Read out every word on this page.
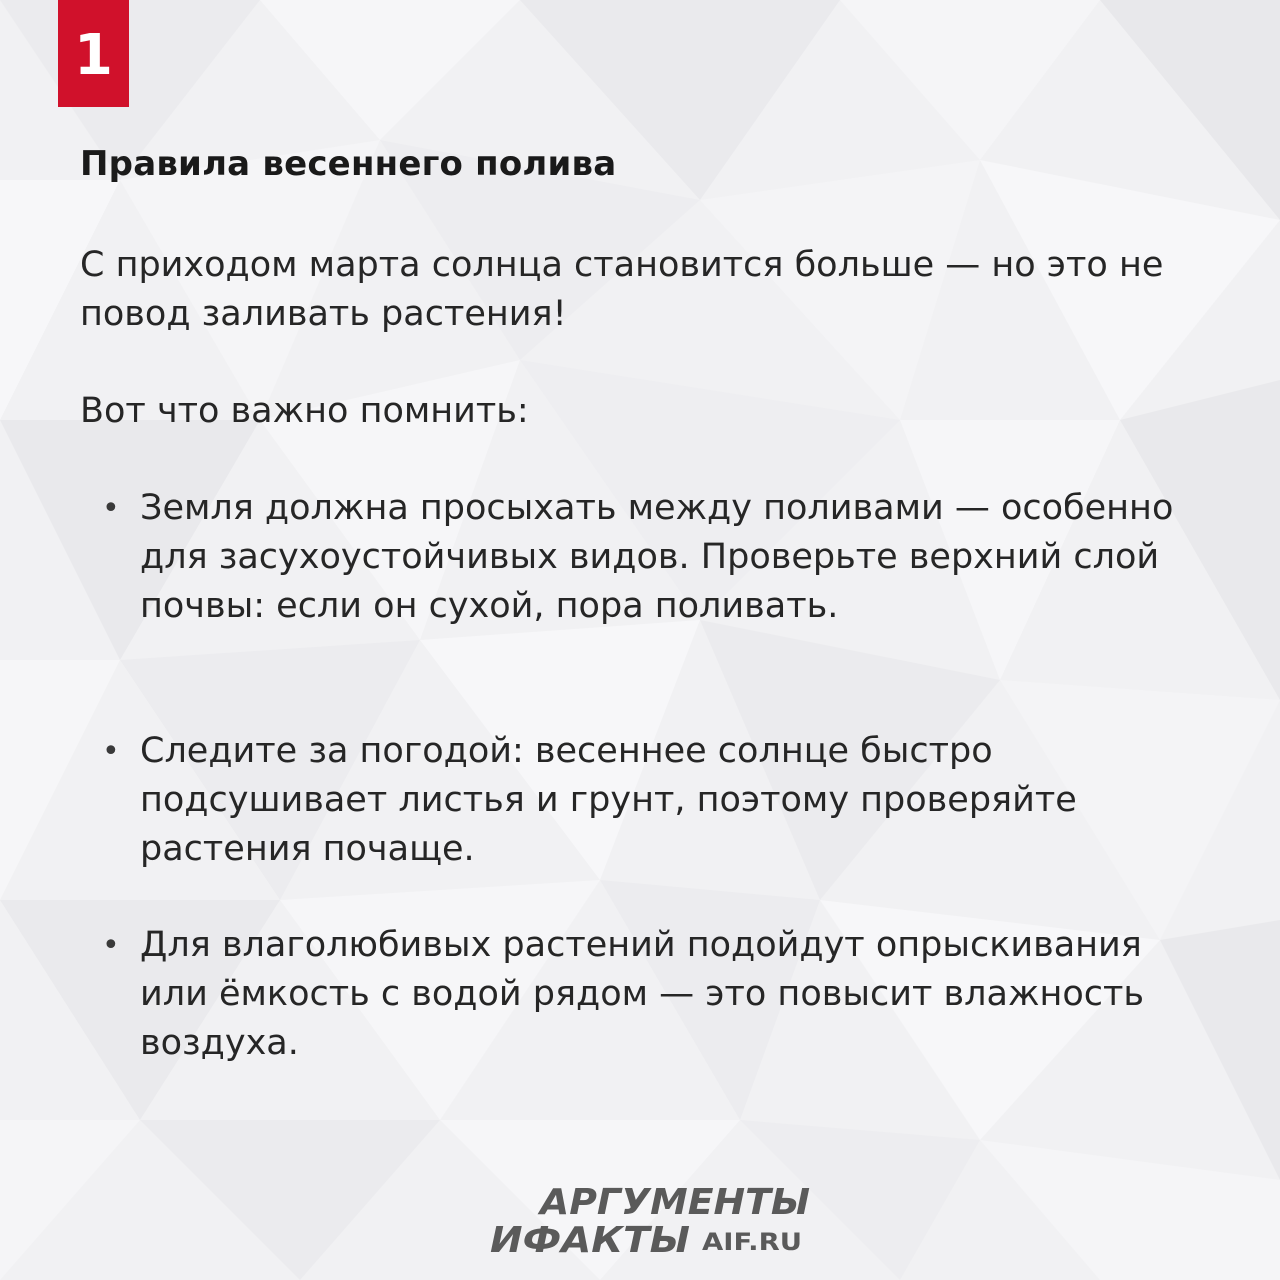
1
Правила весеннего полива

С приходом марта солнца становится больше — но это не повод заливать растения!

Вот что важно помнить:

• Земля должна просыхать между поливами — особенно для засухоустойчивых видов. Проверьте верхний слой почвы: если он сухой, пора поливать.
• Следите за погодой: весеннее солнце быстро подсушивает листья и грунт, поэтому проверяйте растения почаще.
• Для влаголюбивых растений подойдут опрыскивания или ёмкость с водой рядом — это повысит влажность воздуха.
АРГУМЕНТЫ
ИФАКТЫ AIF.RU
